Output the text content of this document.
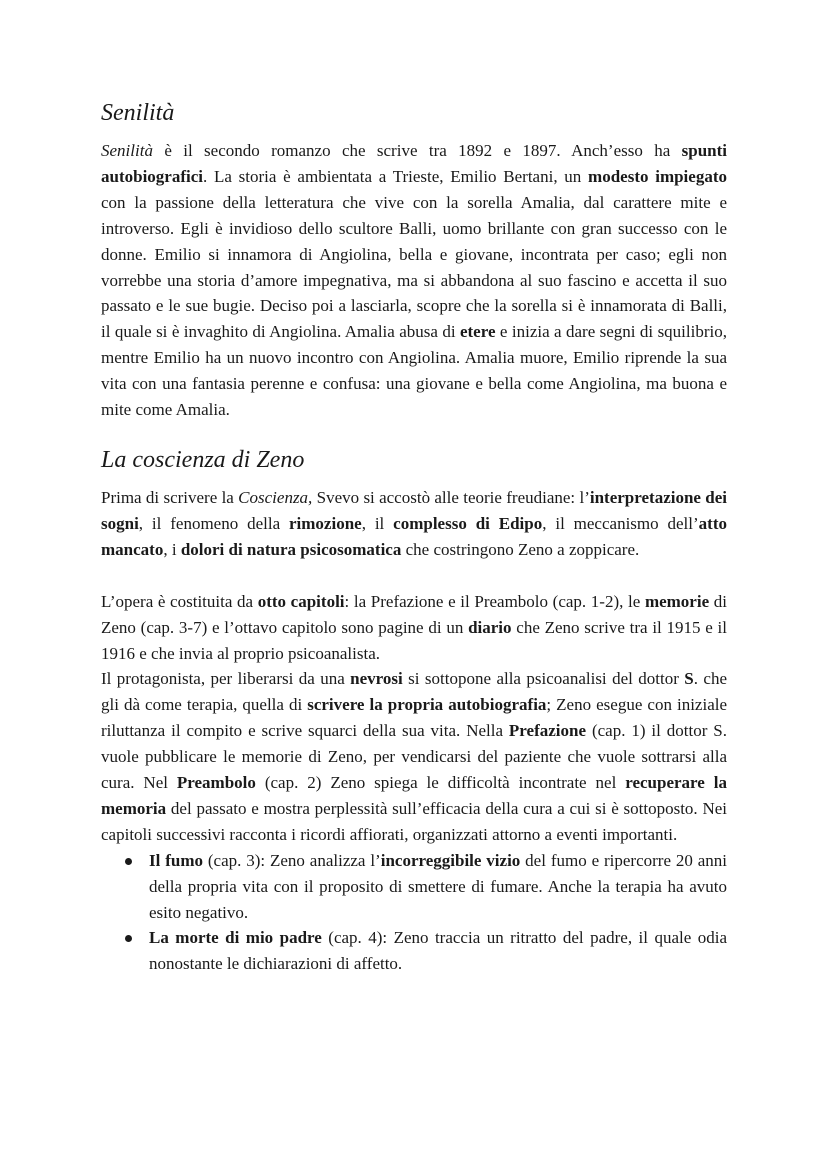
Senilità

Senilità è il secondo romanzo che scrive tra 1892 e 1897. Anch’esso ha spunti autobiografici. La storia è ambientata a Trieste, Emilio Bertani, un modesto impiegato con la passione della letteratura che vive con la sorella Amalia, dal carattere mite e introverso. Egli è invidioso dello scultore Balli, uomo brillante con gran successo con le donne. Emilio si innamora di Angiolina, bella e giovane, incontrata per caso; egli non vorrebbe una storia d’amore impegnativa, ma si abbandona al suo fascino e accetta il suo passato e le sue bugie. Deciso poi a lasciarla, scopre che la sorella si è innamorata di Balli, il quale si è invaghito di Angiolina. Amalia abusa di etere e inizia a dare segni di squilibrio, mentre Emilio ha un nuovo incontro con Angiolina. Amalia muore, Emilio riprende la sua vita con una fantasia perenne e confusa: una giovane e bella come Angiolina, ma buona e mite come Amalia.

La coscienza di Zeno

Prima di scrivere la Coscienza, Svevo si accostò alle teorie freudiane: l’interpretazione dei sogni, il fenomeno della rimozione, il complesso di Edipo, il meccanismo dell’atto mancato, i dolori di natura psicosomatica che costringono Zeno a zoppicare.

L’opera è costituita da otto capitoli: la Prefazione e il Preambolo (cap. 1-2), le memorie di Zeno (cap. 3-7) e l’ottavo capitolo sono pagine di un diario che Zeno scrive tra il 1915 e il 1916 e che invia al proprio psicoanalista.

Il protagonista, per liberarsi da una nevrosi si sottopone alla psicoanalisi del dottor S. che gli dà come terapia, quella di scrivere la propria autobiografia; Zeno esegue con iniziale riluttanza il compito e scrive squarci della sua vita. Nella Prefazione (cap. 1) il dottor S. vuole pubblicare le memorie di Zeno, per vendicarsi del paziente che vuole sottrarsi alla cura. Nel Preambolo (cap. 2) Zeno spiega le difficoltà incontrate nel recuperare la memoria del passato e mostra perplessità sull’efficacia della cura a cui si è sottoposto. Nei capitoli successivi racconta i ricordi affiorati, organizzati attorno a eventi importanti.

Il fumo (cap. 3): Zeno analizza l’incorreggibile vizio del fumo e ripercorre 20 anni della propria vita con il proposito di smettere di fumare. Anche la terapia ha avuto esito negativo.
La morte di mio padre (cap. 4): Zeno traccia un ritratto del padre, il quale odia nonostante le dichiarazioni di affetto.
